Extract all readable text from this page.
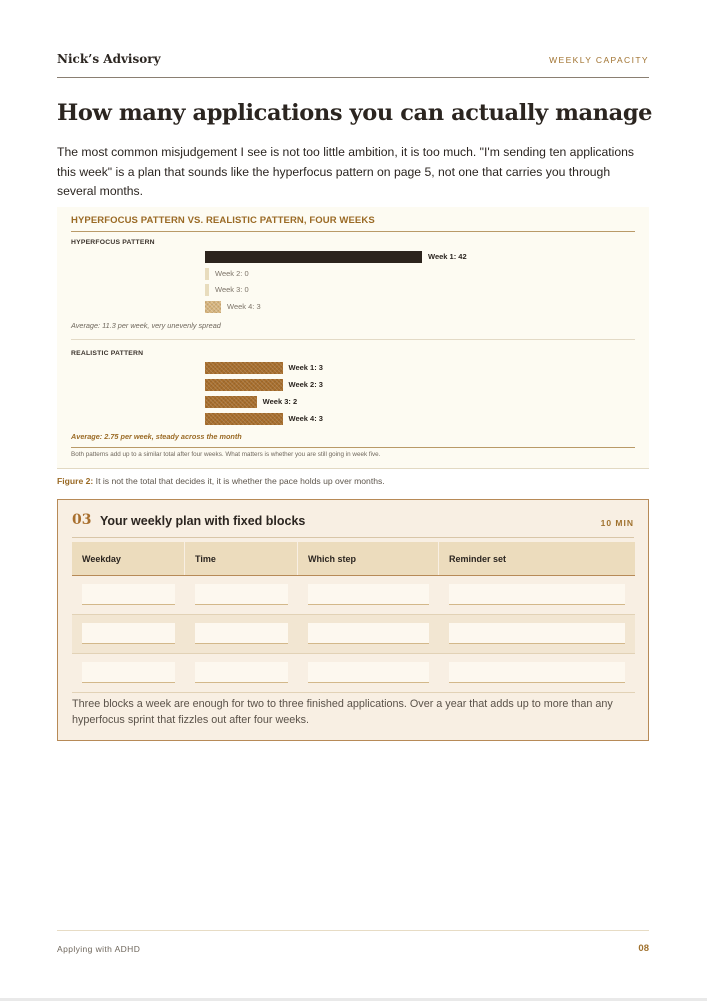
Nick’s Advisory	WEEKLY CAPACITY
How many applications you can actually manage

The most common misjudgement I see is not too little ambition, it is too much. "I'm sending ten applications this week" is a plan that sounds like the hyperfocus pattern on page 5, not one that carries you through several months.

HYPERFOCUS PATTERN VS. REALISTIC PATTERN, FOUR WEEKS
Both patterns add up to a similar total after four weeks. What matters is whether you are still going in week five.
HYPERFOCUS PATTERN
Week 1: 42
Week 2: 0
Week 3: 0
Week 4: 3
Average: 11.3 per week, very unevenly spread
REALISTIC PATTERN
Week 1: 3
Week 2: 3
Week 3: 2
Week 4: 3
Average: 2.75 per week, steady across the month
Figure 2: It is not the total that decides it, it is whether the pace holds up over months.
03 Your weekly plan with fixed blocks	10 MIN
Weekday	Time	Which step	Reminder set

Three blocks a week are enough for two to three finished applications. Over a year that adds up to more than any hyperfocus sprint that fizzles out after four weeks.

Applying with ADHD	08
